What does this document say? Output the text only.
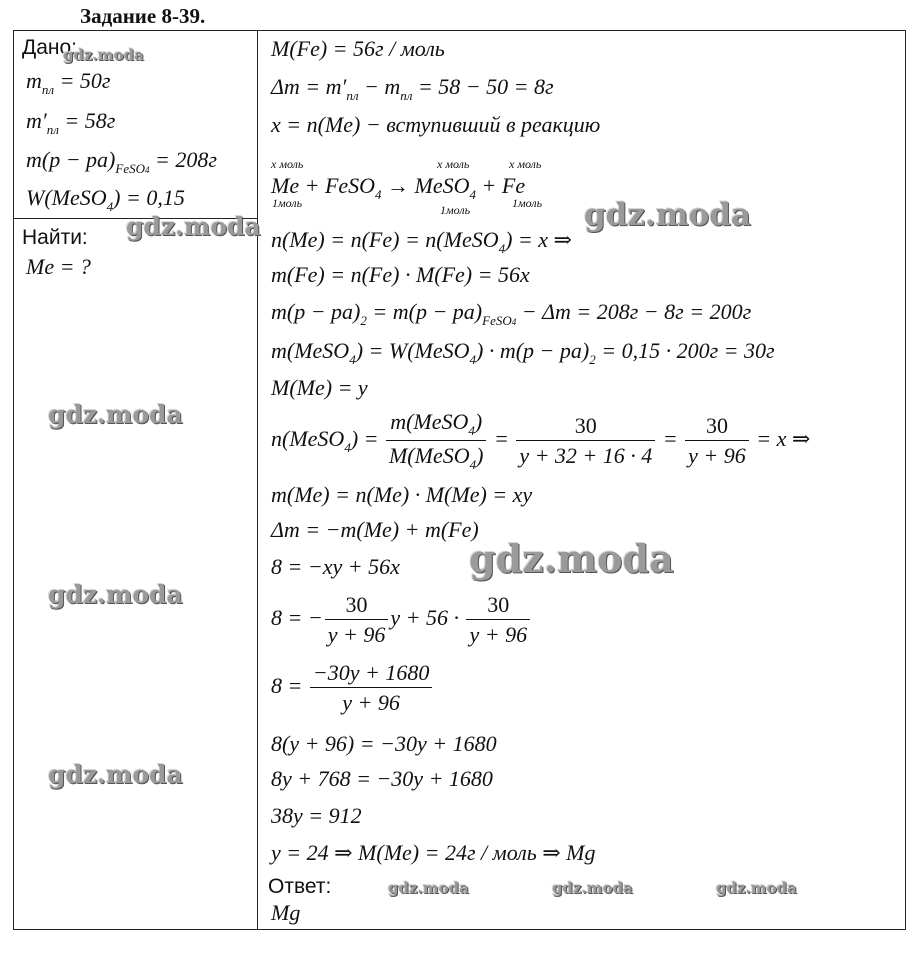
Задание 8-39.
Дано:
$m_{пл} = 50г$
$m'_{пл} = 58г$
$m(p - pa)_{FeSO4} = 208г$
W(MeSO$_4$) = 0,15
Найти:
Me = ?
M(Fe) = 56г / моль
$\Delta m = m'_{пл} - m_{пл} = 58 - 50 = 8г$
x = n(Me) − вступивший в реакцию
x моль	x моль	x моль
Me + FeSO$_4$ → MeSO$_4$ + Fe
1моль	1моль	1моль
n(Me) = n(Fe) = n(MeSO$_4$) = x ⇒
m(Fe) = n(Fe) · M(Fe) = 56x
$m(p - pa)_2 = m(p - pa)_{FeSO4} - \Delta m = 208г - 8г = 200г$
m(MeSO$_4$) = W(MeSO$_4$) · $m(p - pa)_2 = 0,15 \cdot 200г = 30г$
M(Me) = y
n(MeSO$_4$) = $\frac{m(MeSO_4)}{M(MeSO_4)} = \frac{30}{y + 32 + 16 \cdot 4} = \frac{30}{y + 96} = x$ ⇒
m(Me) = n(Me) · M(Me) = xy
Δm = −m(Me) + m(Fe)
8 = −xy + 56x
8 = − $\frac{30}{y + 96}$ $y + 56 \cdot \frac{30}{y + 96}$
$8 = \frac{-30y + 1680}{y + 96}$
8(y + 96) = −30y + 1680
8y + 768 = −30y + 1680
38y = 912
y = 24 ⇒ M(Me) = 24г / моль ⇒ Mg
Ответ:
Mg
gdz.moda
gdz.moda	gdz.moda
gdz.moda
gdz.moda
gdz.moda
gdz.moda
gdz.moda	gdz.moda	gdz.moda
